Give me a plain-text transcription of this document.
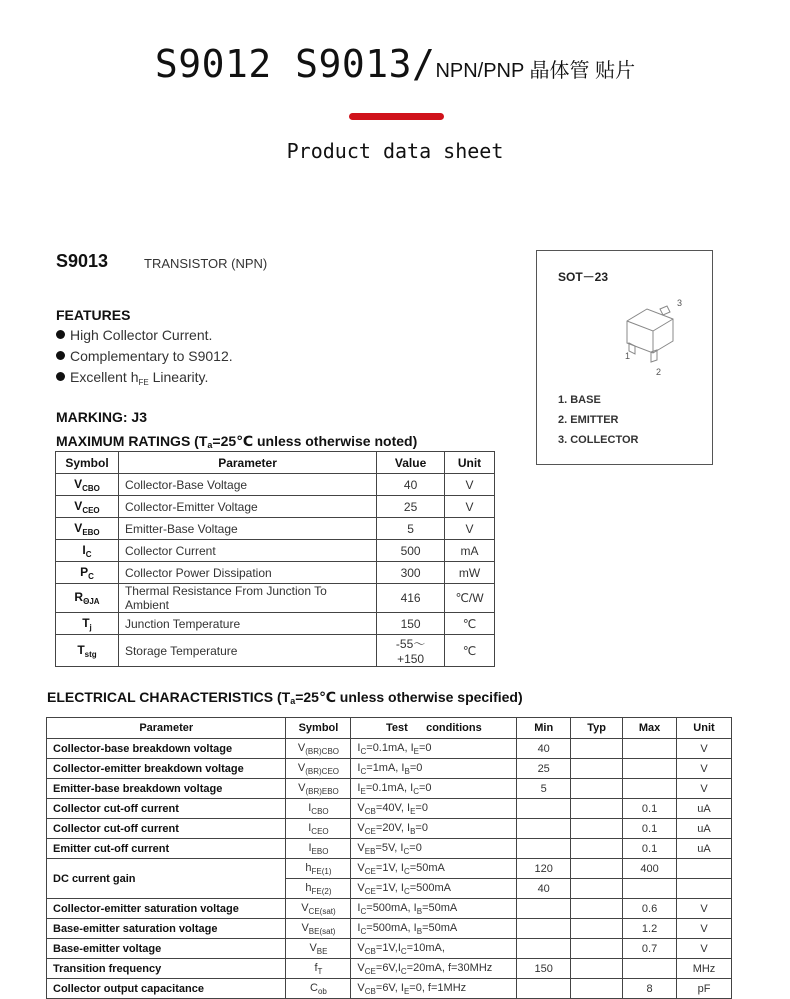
S9012 S9013/NPN/PNP 晶体管 贴片
Product data sheet
S9013	TRANSISTOR (NPN)
FEATURES
High Collector Current.
Complementary to S9012.
Excellent $h_{FE}$ Linearity.
MARKING: J3
MAXIMUM RATINGS (Ta=25℃ unless otherwise noted)
Symbol	Parameter	Value	Unit
$V_{CBO}$	Collector-Base Voltage	40	V
$V_{CEO}$	Collector-Emitter Voltage	25	V
$V_{EBO}$	Emitter-Base Voltage	5	V
$I_C$	Collector Current	500	mA
$P_C$	Collector Power Dissipation	300	mW
$R_{\Theta JA}$	Thermal Resistance From Junction To Ambient	416	℃/W
$T_j$	Junction Temperature	150	℃
$T_{stg}$	Storage Temperature	-55～+150	℃
SOT－23
3
1
2
1. BASE
2. EMITTER
3. COLLECTOR
ELECTRICAL CHARACTERISTICS (Ta=25℃ unless otherwise specified)
Parameter	Symbol	Test      conditions	Min	Typ	Max	Unit
Collector-base breakdown voltage	$V_{(BR)CBO}$	$I_C=0.1mA$, $I_E=0$	40			V
Collector-emitter breakdown voltage	$V_{(BR)CEO}$	$I_C=1mA$, $I_B=0$	25			V
Emitter-base breakdown voltage	$V_{(BR)EBO}$	$I_E=0.1mA$, $I_C=0$	5			V
Collector cut-off current	$I_{CBO}$	$V_{CB}=40V$, $I_E=0$			0.1	uA
Collector cut-off current	$I_{CEO}$	$V_{CE}=20V$, $I_B=0$			0.1	uA
Emitter cut-off current	$I_{EBO}$	$V_{EB}=5V$, $I_C=0$			0.1	uA
DC current gain	$h_{FE(1)}$	$V_{CE}=1V$, $I_C=50mA$	120		400	
	$h_{FE(2)}$	$V_{CE}=1V$, $I_C=500mA$	40			
Collector-emitter saturation voltage	$V_{CE(sat)}$	$I_C=500mA$, $I_B=50mA$			0.6	V
Base-emitter saturation voltage	$V_{BE(sat)}$	$I_C=500mA$, $I_B=50mA$			1.2	V
Base-emitter voltage	$V_{BE}$	$V_{CB}=1V,I_C=10mA$,			0.7	V
Transition frequency	$f_T$	$V_{CE}=6V,I_C=20mA$, f=30MHz	150			MHz
Collector output capacitance	$C_{ob}$	$V_{CB}=6V$, $I_E=0$, f=1MHz			8	pF
